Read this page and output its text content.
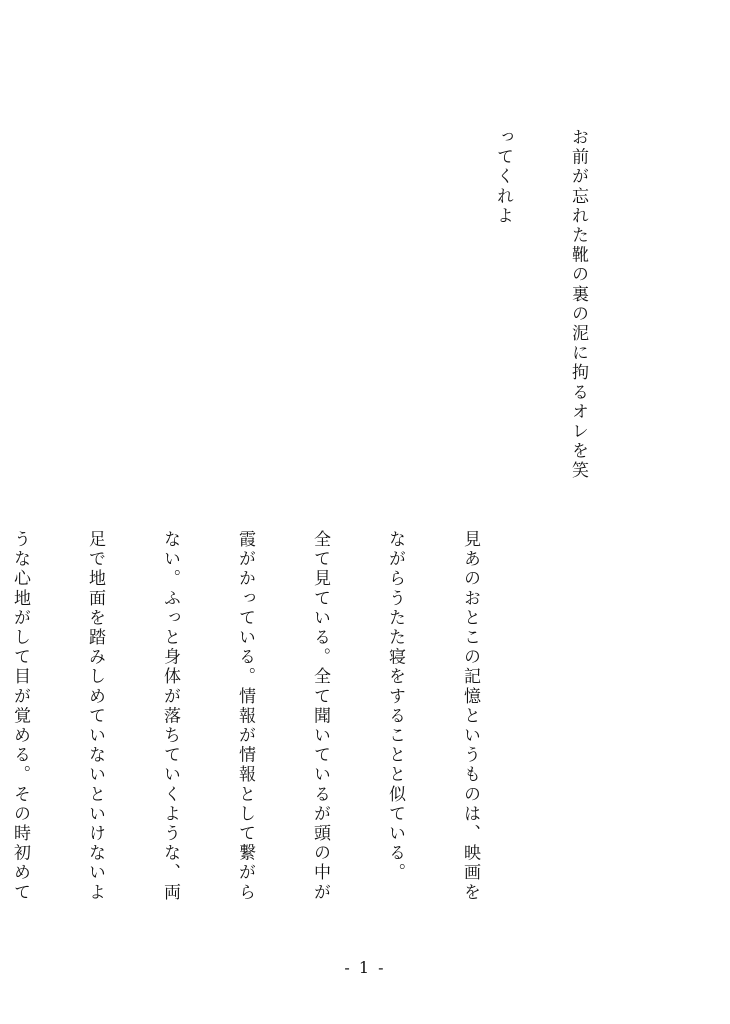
お前が忘れた靴の裏の泥に拘るオレを笑

ってくれよ

見あのおとこの記憶というものは、映画を

ながらうたた寝をすることと似ている。

全て見ている。全て聞いているが頭の中が

霞がかっている。情報が情報として繋がら

ない。ふっと身体が落ちていくような、両

足で地面を踏みしめていないといけないよ

うな心地がして目が覚める。その時初めて

- 1 -
